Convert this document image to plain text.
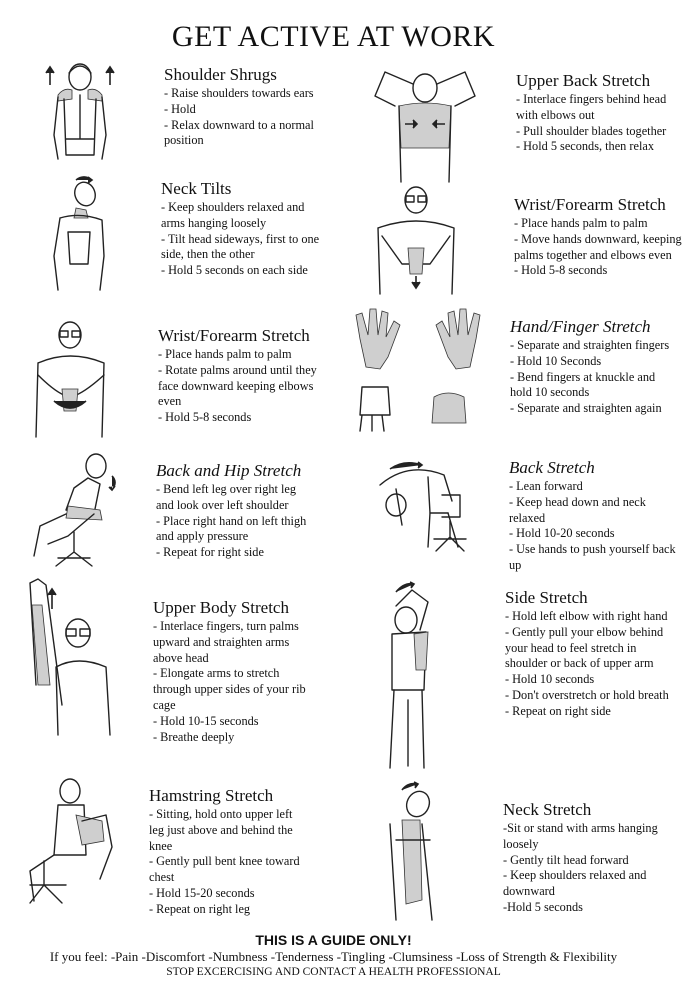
GET ACTIVE AT WORK
Shoulder Shrugs
- Raise shoulders towards ears
- Hold
- Relax downward to a normal position
Neck Tilts
- Keep shoulders relaxed and arms hanging loosely
- Tilt head sideways, first to one side, then the other
- Hold 5 seconds on each side
Wrist/Forearm Stretch
- Place hands palm to palm
- Rotate palms around until they face downward keeping elbows even
- Hold 5-8 seconds
Back and Hip Stretch
- Bend left leg over right leg and look over left shoulder
- Place right hand on left thigh and apply pressure
- Repeat for right side
Upper Body Stretch
- Interlace fingers, turn palms upward and straighten arms above head
- Elongate arms to stretch through upper sides of your rib cage
- Hold 10-15 seconds
- Breathe deeply
Hamstring Stretch
- Sitting, hold onto upper left leg just above and behind the knee
- Gently pull bent knee toward chest
- Hold 15-20 seconds
- Repeat on right leg
Upper Back Stretch
- Interlace fingers behind head with elbows out
- Pull shoulder blades together
- Hold 5 seconds, then relax
Wrist/Forearm Stretch
- Place hands palm to palm
- Move hands downward, keeping palms together and elbows even
- Hold 5-8 seconds
Hand/Finger Stretch
- Separate and straighten fingers
- Hold 10 Seconds
- Bend fingers at knuckle and hold 10 seconds
- Separate and straighten again
Back Stretch
- Lean forward
- Keep head down and neck relaxed
- Hold 10-20 seconds
- Use hands to push yourself back up
Side Stretch
- Hold left elbow with right hand
- Gently pull your elbow behind your head to feel stretch in shoulder or back of upper arm
- Hold 10 seconds
- Don't overstretch or hold breath
- Repeat on right side
Neck Stretch
-Sit or stand with arms hanging loosely
- Gently tilt head forward
- Keep shoulders relaxed and downward
-Hold 5 seconds
THIS IS A GUIDE ONLY!
If you feel: -Pain -Discomfort -Numbness -Tenderness -Tingling -Clumsiness -Loss of Strength & Flexibility
STOP EXCERCISING AND CONTACT A HEALTH PROFESSIONAL
